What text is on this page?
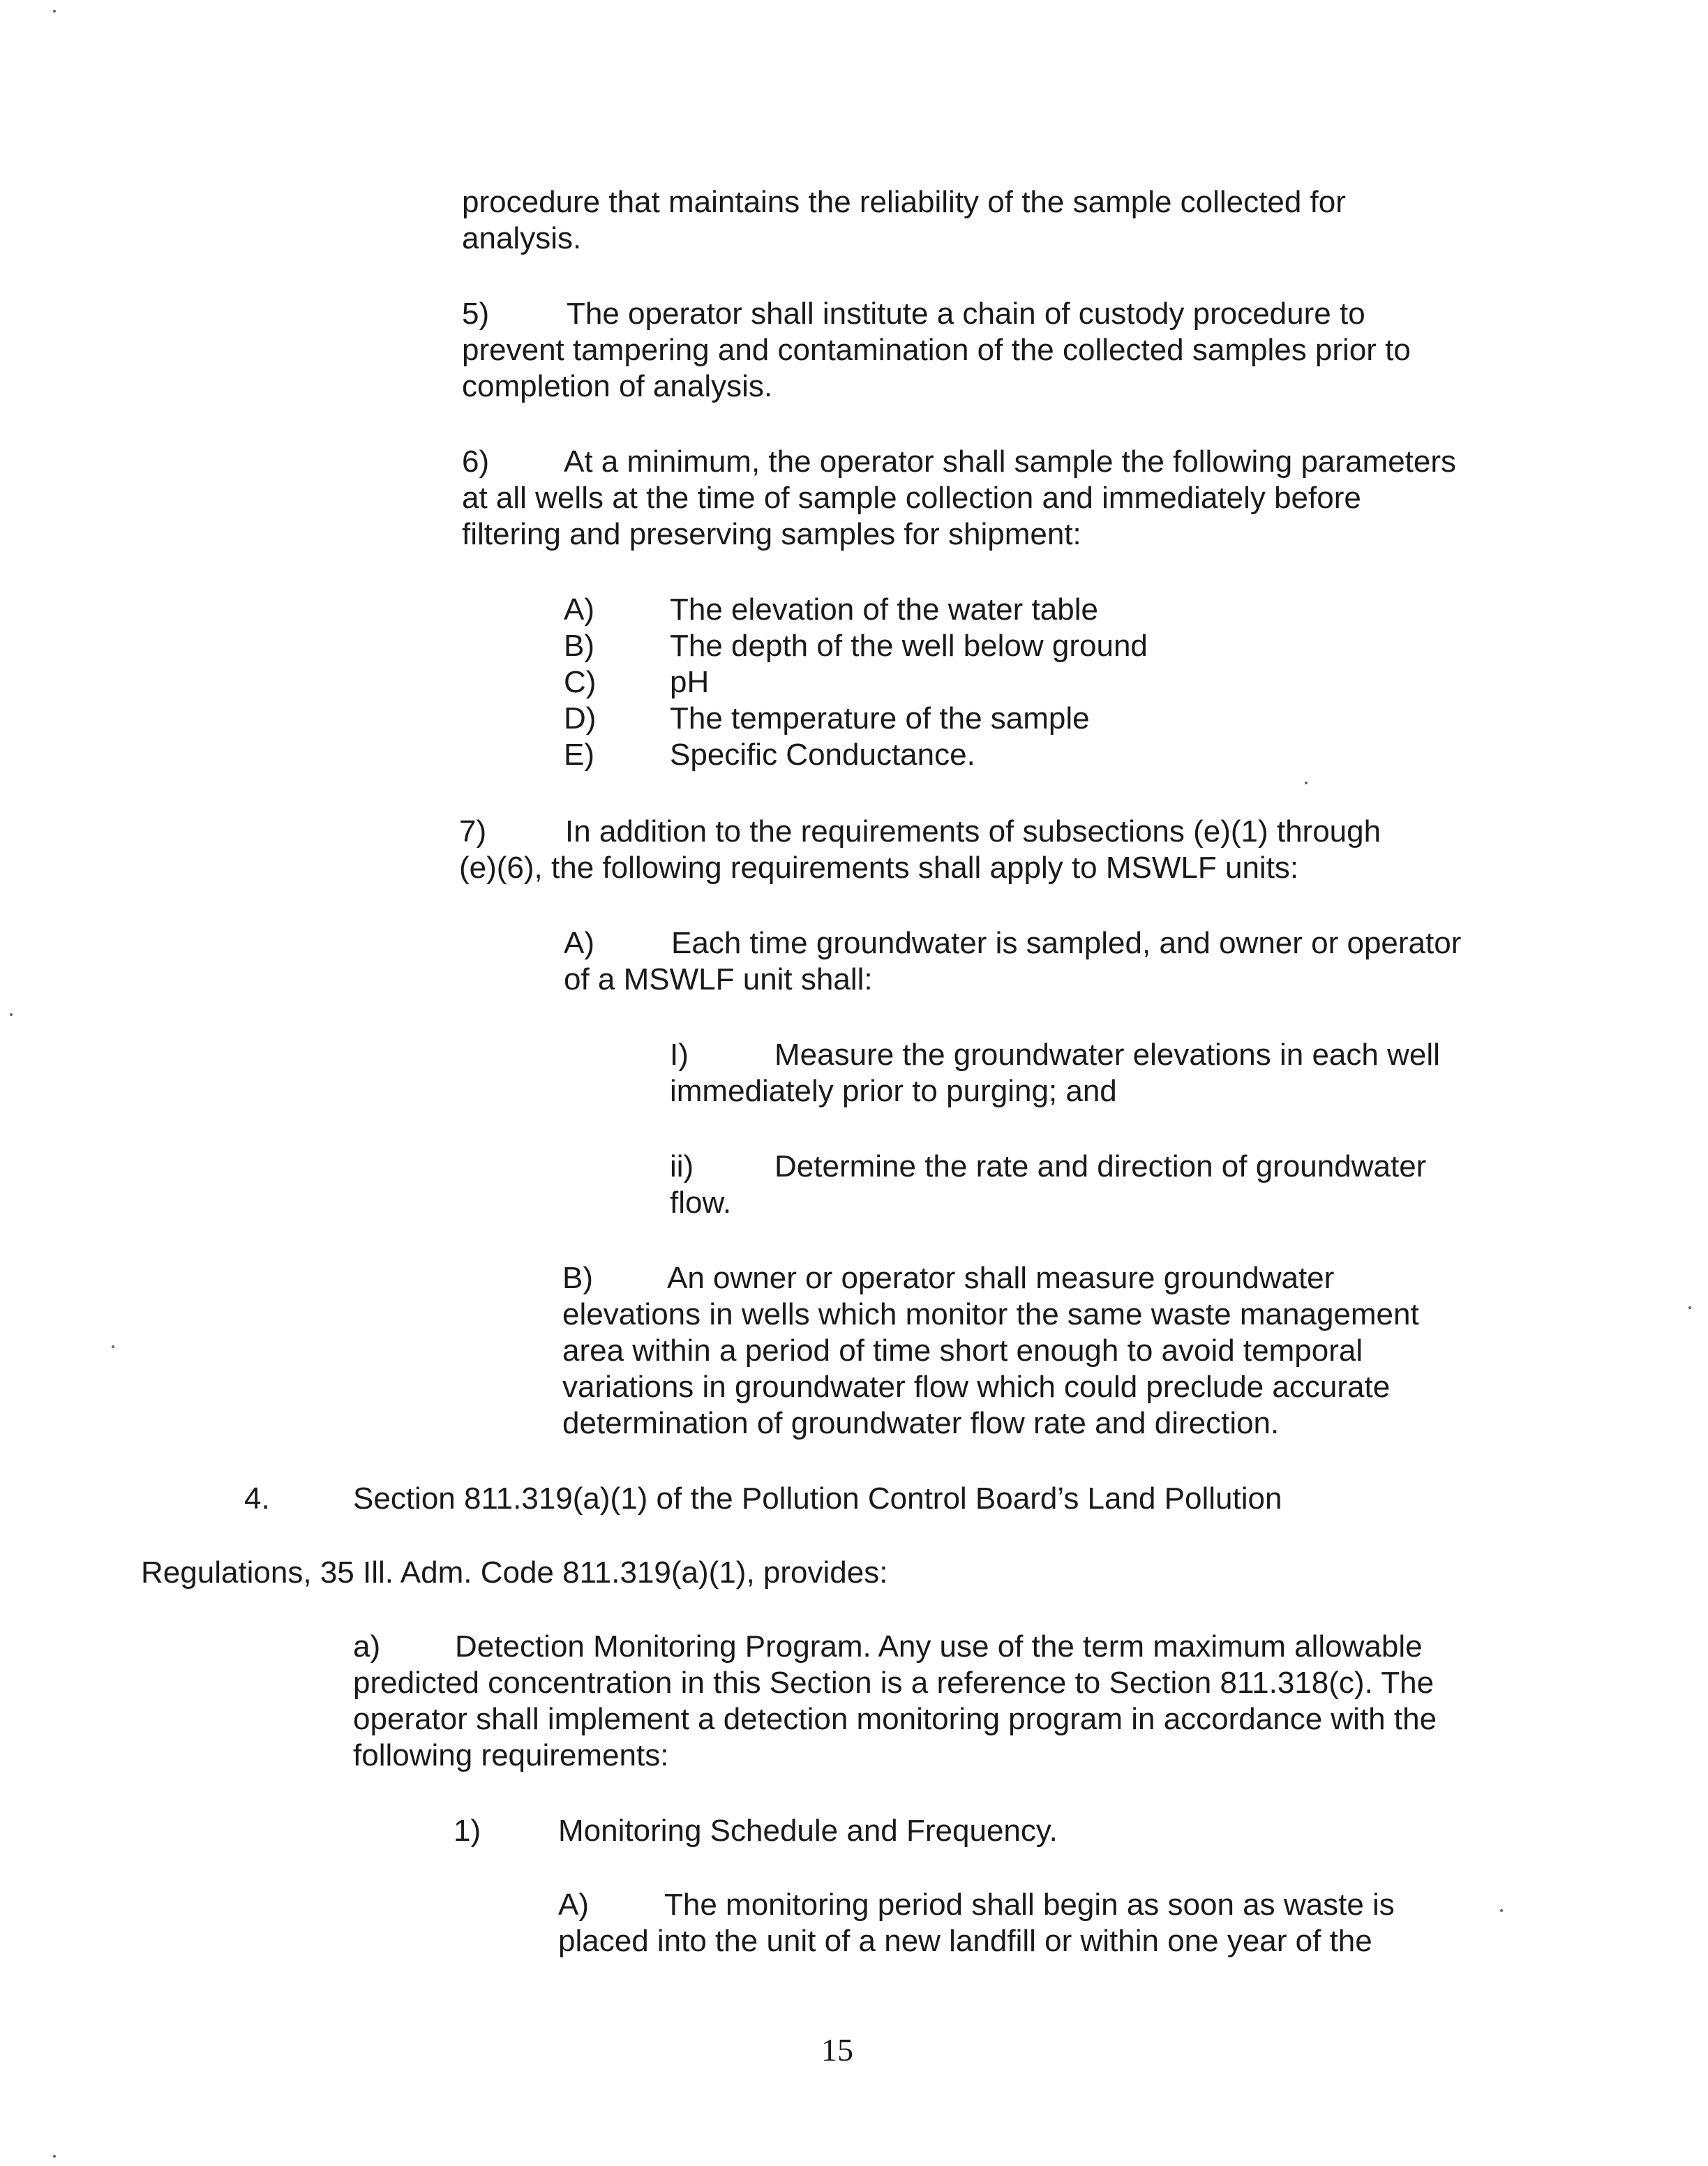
procedure that maintains the reliability of the sample collected for
analysis.
5)	The operator shall institute a chain of custody procedure to
prevent tampering and contamination of the collected samples prior to
completion of analysis.
6)	At a minimum, the operator shall sample the following parameters
at all wells at the time of sample collection and immediately before
filtering and preserving samples for shipment:
A) The elevation of the water table
B) The depth of the well below ground
C) pH
D) The temperature of the sample
E) Specific Conductance.
7)	In addition to the requirements of subsections (e)(1) through
(e)(6), the following requirements shall apply to MSWLF units:
A)	Each time groundwater is sampled, and owner or operator
of a MSWLF unit shall:
I)	Measure the groundwater elevations in each well
immediately prior to purging; and
ii)	Determine the rate and direction of groundwater
flow.
B)	An owner or operator shall measure groundwater
elevations in wells which monitor the same waste management
area within a period of time short enough to avoid temporal
variations in groundwater flow which could preclude accurate
determination of groundwater flow rate and direction.
4.	Section 811.319(a)(1) of the Pollution Control Board’s Land Pollution
Regulations, 35 Ill. Adm. Code 811.319(a)(1), provides:
a)	Detection Monitoring Program. Any use of the term maximum allowable
predicted concentration in this Section is a reference to Section 811.318(c). The
operator shall implement a detection monitoring program in accordance with the
following requirements:
1)	Monitoring Schedule and Frequency.
A)	The monitoring period shall begin as soon as waste is
placed into the unit of a new landfill or within one year of the
15
